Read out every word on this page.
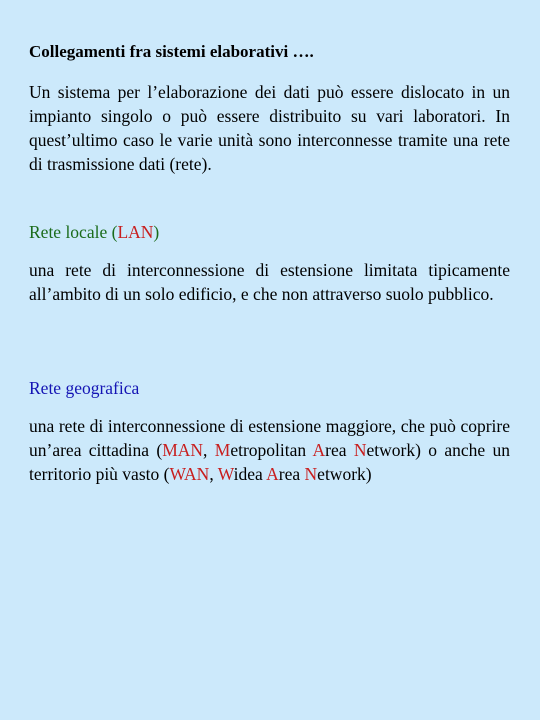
Collegamenti fra sistemi elaborativi ….

Un sistema per l’elaborazione dei dati può essere dislocato in un impianto singolo o può essere distribuito su vari laboratori. In quest’ultimo caso le varie unità sono interconnesse tramite una rete di trasmissione dati (rete).

Rete locale (LAN)

una rete di interconnessione di estensione limitata tipicamente all’ambito di un solo edificio, e che non attraverso suolo pubblico.

Rete geografica

una rete di interconnessione di estensione maggiore, che può coprire un’area cittadina (MAN, Metropolitan Area Network) o anche un territorio più vasto (WAN, Widea Area Network)
